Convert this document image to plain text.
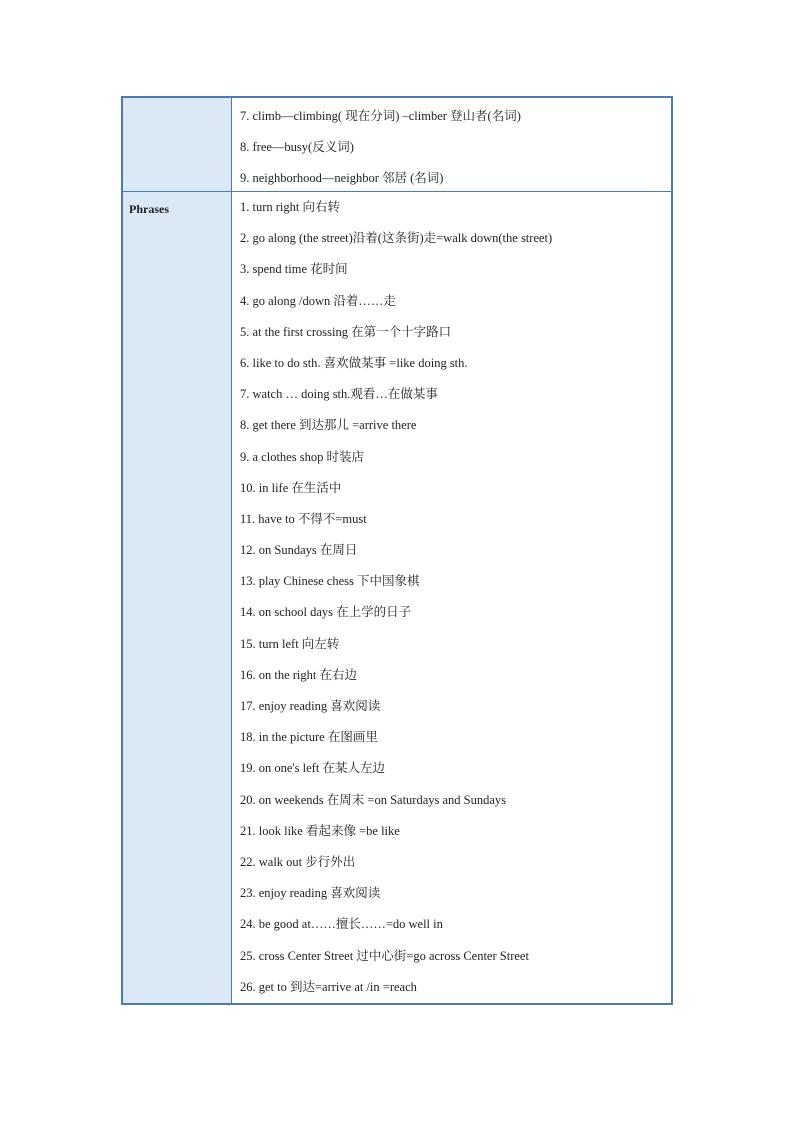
7. climb—climbing( 现在分词) –climber 登山者(名词)
8. free—busy(反义词)
9. neighborhood—neighbor 邻居 (名词)
Phrases	1. turn right 向右转
2. go along (the street)沿着(这条街)走=walk down(the street)
3. spend time 花时间
4. go along /down 沿着……走
5. at the first crossing 在第一个十字路口
6. like to do sth. 喜欢做某事 =like doing sth.
7. watch … doing sth.观看…在做某事
8. get there 到达那儿 =arrive there
9. a clothes shop 时装店
10. in life 在生活中
11. have to 不得不=must
12. on Sundays 在周日
13. play Chinese chess 下中国象棋
14. on school days 在上学的日子
15. turn left 向左转
16. on the right 在右边
17. enjoy reading 喜欢阅读
18. in the picture 在图画里
19. on one's left 在某人左边
20. on weekends 在周末 =on Saturdays and Sundays
21. look like 看起来像 =be like
22. walk out 步行外出
23. enjoy reading 喜欢阅读
24. be good at……擅长……=do well in
25. cross Center Street 过中心街=go across Center Street
26. get to 到达=arrive at /in =reach
